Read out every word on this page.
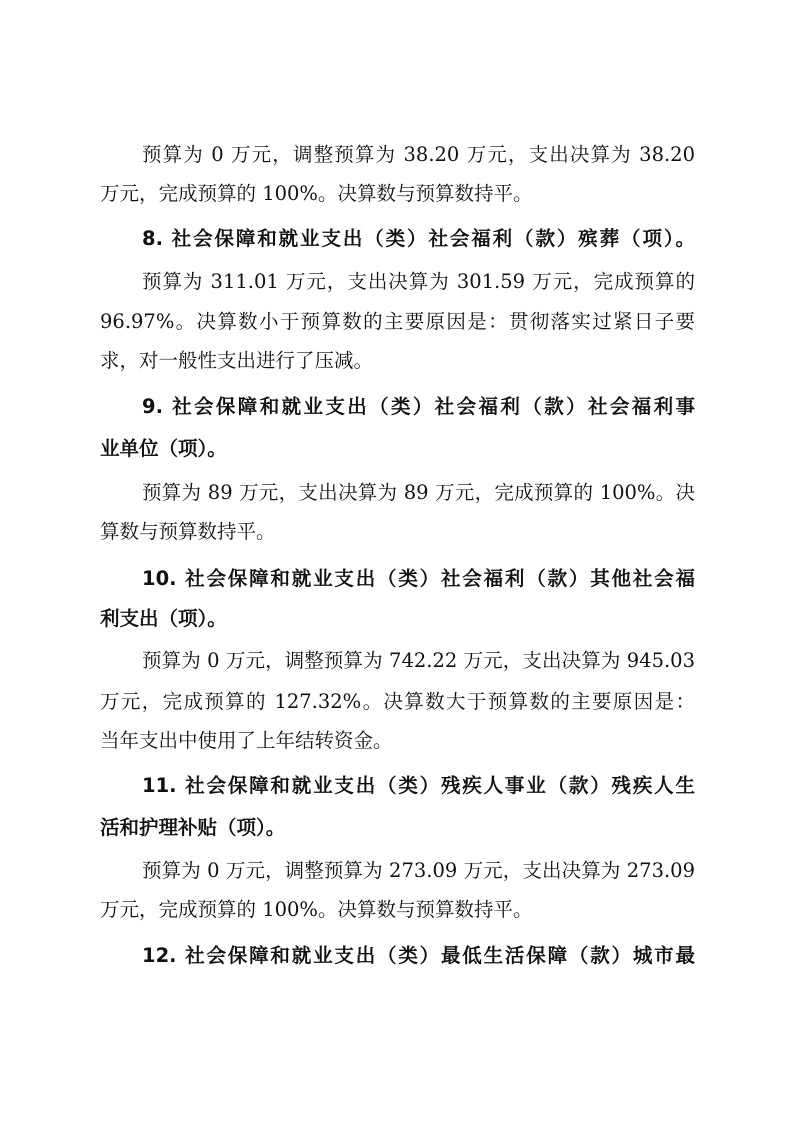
预算为 0 万元，调整预算为 38.20 万元，支出决算为 38.20
万元，完成预算的 100%。决算数与预算数持平。
8. 社会保障和就业支出（类）社会福利（款）殡葬（项）。
预算为 311.01 万元，支出决算为 301.59 万元，完成预算的
96.97%。决算数小于预算数的主要原因是：贯彻落实过紧日子要
求，对一般性支出进行了压减。
9. 社会保障和就业支出（类）社会福利（款）社会福利事
业单位（项）。
预算为 89 万元，支出决算为 89 万元，完成预算的 100%。决
算数与预算数持平。
10. 社会保障和就业支出（类）社会福利（款）其他社会福
利支出（项）。
预算为 0 万元，调整预算为 742.22 万元，支出决算为 945.03
万元，完成预算的 127.32%。决算数大于预算数的主要原因是：
当年支出中使用了上年结转资金。
11. 社会保障和就业支出（类）残疾人事业（款）残疾人生
活和护理补贴（项）。
预算为 0 万元，调整预算为 273.09 万元，支出决算为 273.09
万元，完成预算的 100%。决算数与预算数持平。
12. 社会保障和就业支出（类）最低生活保障（款）城市最
